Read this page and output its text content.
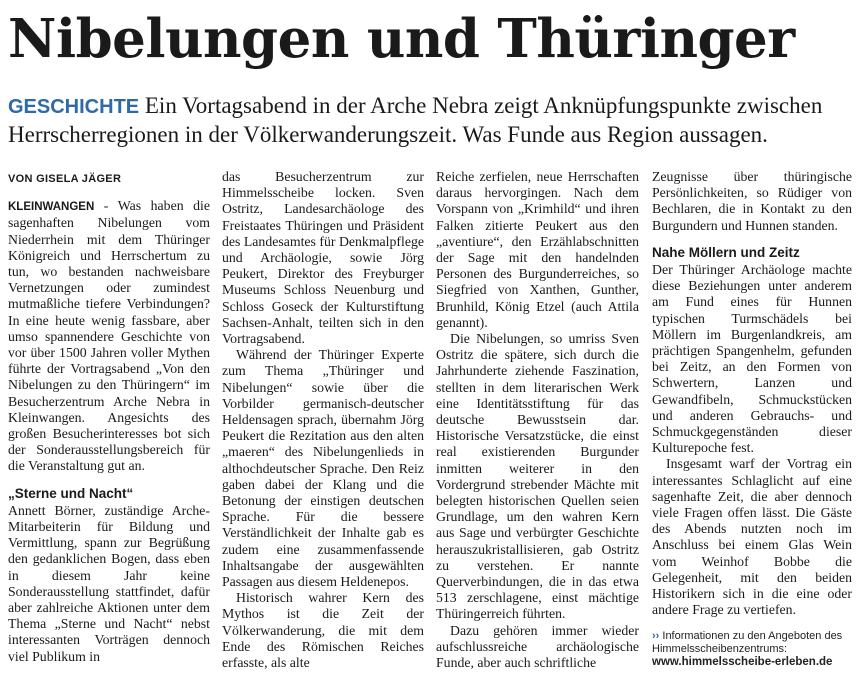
Nibelungen und Thüringer

GESCHICHTE Ein Vortagsabend in der Arche Nebra zeigt Anknüpfungspunkte zwischen Herrscherregionen in der Völkerwanderungszeit. Was Funde aus Region aussagen.

VON GISELA JÄGER

KLEINWANGEN - Was haben die sagenhaften Nibelungen vom Niederrhein mit dem Thüringer Königreich und Herrschertum zu tun, wo bestanden nachweisbare Vernetzungen oder zumindest mutmaßliche tiefere Verbindungen? In eine heute wenig fassbare, aber umso spannendere Geschichte von vor über 1500 Jahren voller Mythen führte der Vortragsabend „Von den Nibelungen zu den Thüringern“ im Besucherzentrum Arche Nebra in Kleinwangen. Angesichts des großen Besucherinteresses bot sich der Sonderausstellungsbereich für die Veranstaltung gut an.

„Sterne und Nacht“

Annett Börner, zuständige Arche-Mitarbeiterin für Bildung und Vermittlung, spann zur Begrüßung den gedanklichen Bogen, dass eben in diesem Jahr keine Sonderausstellung stattfindet, dafür aber zahlreiche Aktionen unter dem Thema „Sterne und Nacht“ nebst interessanten Vorträgen dennoch viel Publikum in

das Besucherzentrum zur Himmelsscheibe locken. Sven Ostritz, Landesarchäologe des Freistaates Thüringen und Präsident des Landesamtes für Denkmalpflege und Archäologie, sowie Jörg Peukert, Direktor des Freyburger Museums Schloss Neuenburg und Schloss Goseck der Kulturstiftung Sachsen-Anhalt, teilten sich in den Vortragsabend.

Während der Thüringer Experte zum Thema „Thüringer und Nibelungen“ sowie über die Vorbilder germanisch-deutscher Heldensagen sprach, übernahm Jörg Peukert die Rezitation aus den alten „maeren“ des Nibelungenlieds in althochdeutscher Sprache. Den Reiz gaben dabei der Klang und die Betonung der einstigen deutschen Sprache. Für die bessere Verständlichkeit der Inhalte gab es zudem eine zusammenfassende Inhaltsangabe der ausgewählten Passagen aus diesem Heldenepos.

Historisch wahrer Kern des Mythos ist die Zeit der Völkerwanderung, die mit dem Ende des Römischen Reiches erfasste, als alte

Reiche zerfielen, neue Herrschaften daraus hervorgingen. Nach dem Vorspann von „Krimhild“ und ihren Falken zitierte Peukert aus den „aventiure“, den Erzählabschnitten der Sage mit den handelnden Personen des Burgunderreiches, so Siegfried von Xanthen, Gunther, Brunhild, König Etzel (auch Attila genannt).

Die Nibelungen, so umriss Sven Ostritz die spätere, sich durch die Jahrhunderte ziehende Faszination, stellten in dem literarischen Werk eine Identitätsstiftung für das deutsche Bewusstsein dar. Historische Versatzstücke, die einst real existierenden Burgunder inmitten weiterer in den Vordergrund strebender Mächte mit belegten historischen Quellen seien Grundlage, um den wahren Kern aus Sage und verbürgter Geschichte herauszukristallisieren, gab Ostritz zu verstehen. Er nannte Querverbindungen, die in das etwa 513 zerschlagene, einst mächtige Thüringerreich führten.

Dazu gehören immer wieder aufschlussreiche archäologische Funde, aber auch schriftliche

Zeugnisse über thüringische Persönlichkeiten, so Rüdiger von Bechlaren, die in Kontakt zu den Burgundern und Hunnen standen.

Nahe Möllern und Zeitz

Der Thüringer Archäologe machte diese Beziehungen unter anderem am Fund eines für Hunnen typischen Turmschädels bei Möllern im Burgenlandkreis, am prächtigen Spangenhelm, gefunden bei Zeitz, an den Formen von Schwertern, Lanzen und Gewandfibeln, Schmuckstücken und anderen Gebrauchs- und Schmuckgegenständen dieser Kulturepoche fest.

Insgesamt warf der Vortrag ein interessantes Schlaglicht auf eine sagenhafte Zeit, die aber dennoch viele Fragen offen lässt. Die Gäste des Abends nutzten noch im Anschluss bei einem Glas Wein vom Weinhof Bobbe die Gelegenheit, mit den beiden Historikern sich in die eine oder andere Frage zu vertiefen.

›› Informationen zu den Angeboten des Himmelsscheibenzentrums:
www.himmelsscheibe-erleben.de
